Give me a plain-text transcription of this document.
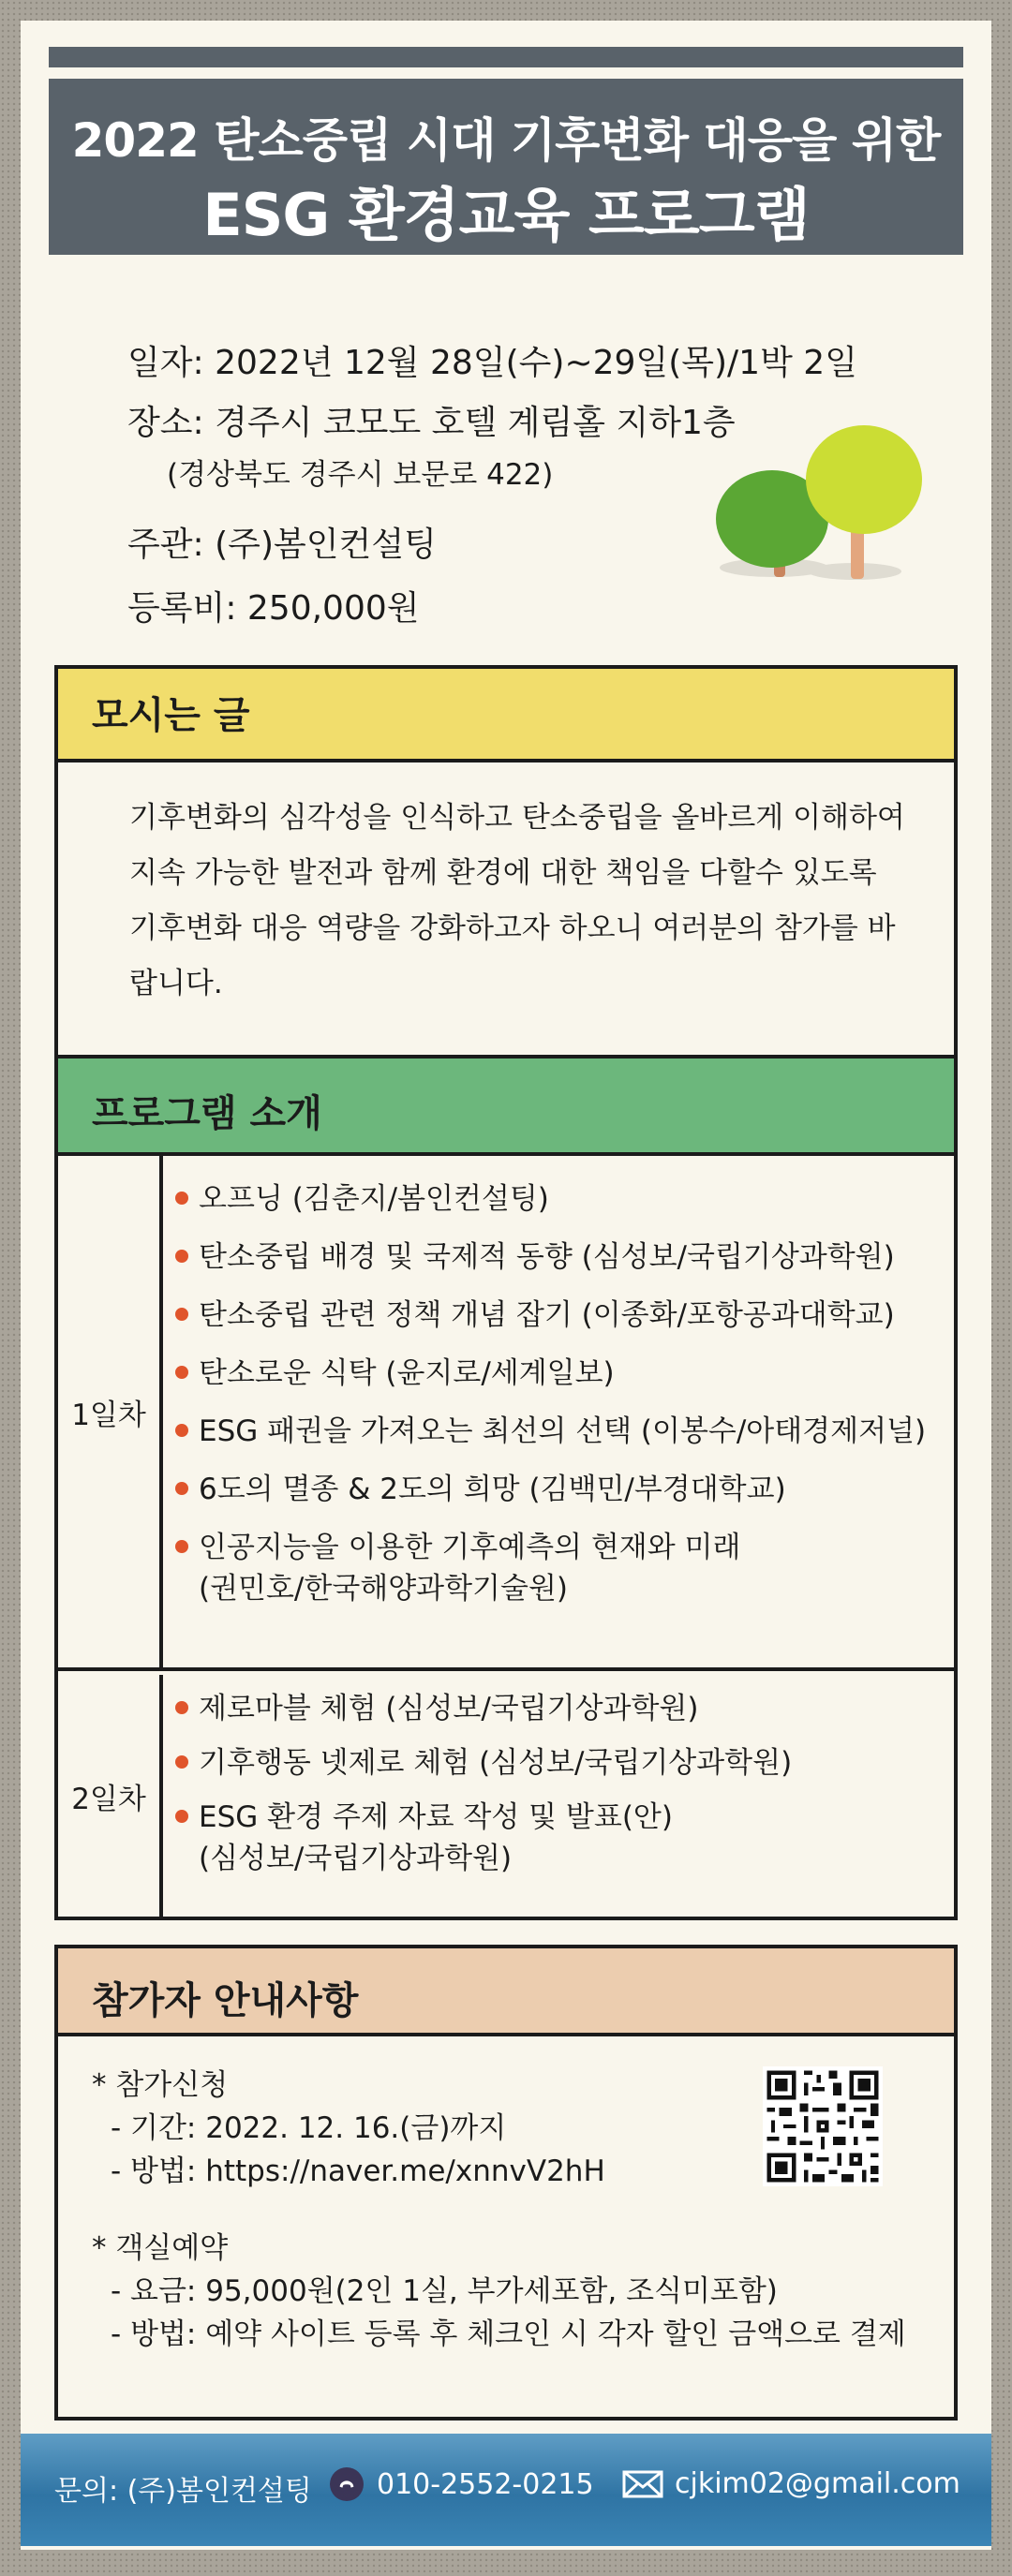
2022 탄소중립 시대 기후변화 대응을 위한
ESG 환경교육 프로그램
일자: 2022년 12월 28일(수)~29일(목)/1박 2일
장소: 경주시 코모도 호텔 계림홀 지하1층
(경상북도 경주시 보문로 422)
주관: (주)봄인컨설팅
등록비: 250,000원
모시는 글
기후변화의 심각성을 인식하고 탄소중립을 올바르게 이해하여
지속 가능한 발전과 함께 환경에 대한 책임을 다할수 있도록
기후변화 대응 역량을 강화하고자 하오니 여러분의 참가를 바
랍니다.
프로그램 소개
1일차
오프닝 (김춘지/봄인컨설팅)
탄소중립 배경 및 국제적 동향 (심성보/국립기상과학원)
탄소중립 관련 정책 개념 잡기 (이종화/포항공과대학교)
탄소로운 식탁 (윤지로/세계일보)
ESG 패권을 가져오는 최선의 선택 (이봉수/아태경제저널)
6도의 멸종 & 2도의 희망 (김백민/부경대학교)
인공지능을 이용한 기후예측의 현재와 미래
(권민호/한국해양과학기술원)
2일차
제로마블 체험 (심성보/국립기상과학원)
기후행동 넷제로 체험 (심성보/국립기상과학원)
ESG 환경 주제 자료 작성 및 발표(안)
(심성보/국립기상과학원)
참가자 안내사항
* 참가신청
- 기간: 2022. 12. 16.(금)까지
- 방법: https://naver.me/xnnvV2hH
* 객실예약
- 요금: 95,000원(2인 1실, 부가세포함, 조식미포함)
- 방법: 예약 사이트 등록 후 체크인 시 각자 할인 금액으로 결제
문의: (주)봄인컨설팅 010-2552-0215	cjkim02@gmail.com
